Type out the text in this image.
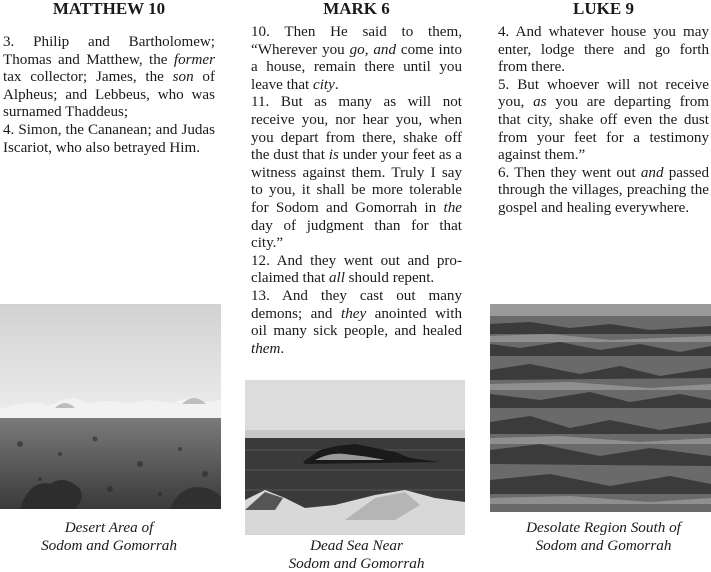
MATTHEW 10

3. Philip and Bartholomew; Thomas and Matthew, the former tax collector; James, the son of Alpheus; and Lebbeus, who was surnamed Thaddeus;

4. Simon, the Cananean; and Judas Iscariot, who also betrayed Him.

MARK 6

10. Then He said to them, “Wherever you go, and come into a house, remain there until you leave that city.

11. But as many as will not receive you, nor hear you, when you depart from there, shake off the dust that is under your feet as a witness against them. Truly I say to you, it shall be more tolerable for Sodom and Gomorrah in the day of judgment than for that city.”

12. And they went out and proclaimed that all should repent.

13. And they cast out many demons; and they anointed with oil many sick people, and healed them.

LUKE 9

4. And whatever house you may enter, lodge there and go forth from there.

5. But whoever will not receive you, as you are departing from that city, shake off even the dust from your feet for a testimony against them.”

6. Then they went out and passed through the villages, preaching the gospel and healing everywhere.

Desert Area of
Sodom and Gomorrah	Dead Sea Near
Sodom and Gomorrah
Desolate Region South of
Sodom and Gomorrah
